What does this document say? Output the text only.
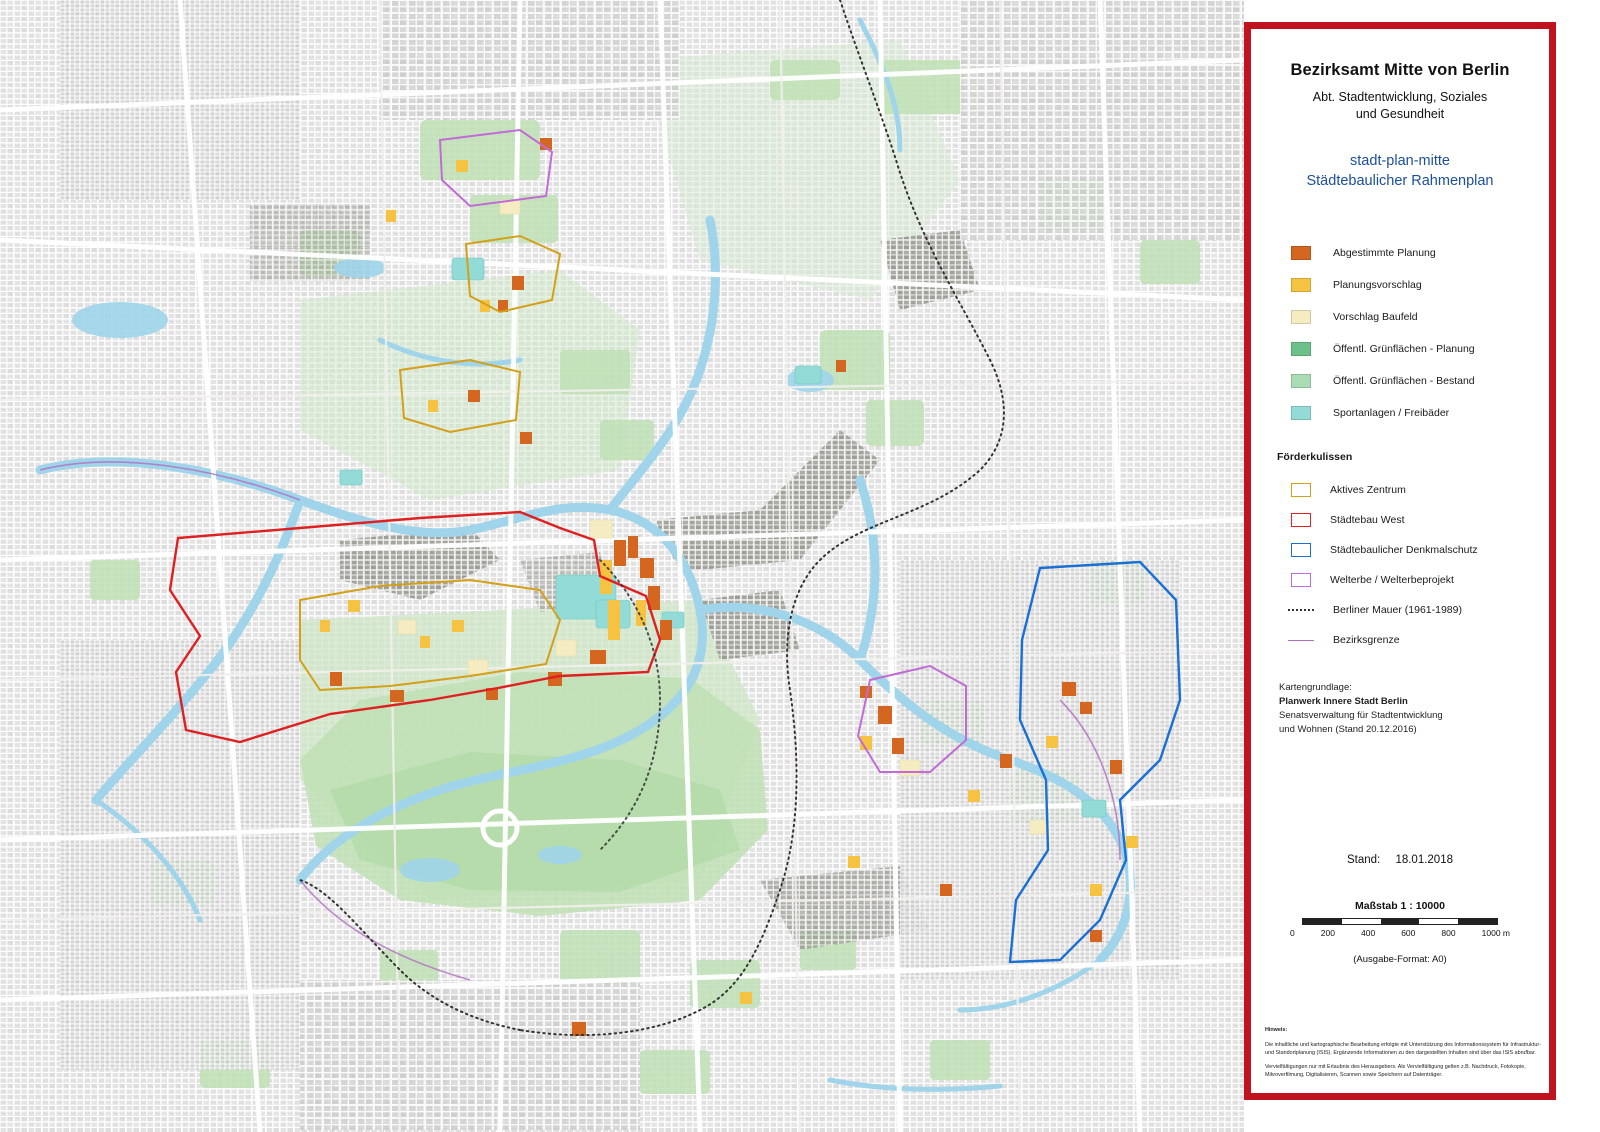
Bezirksamt Mitte von Berlin
Abt. Stadtentwicklung, Soziales
und Gesundheit
stadt-plan-mitte
Städtebaulicher Rahmenplan
Abgestimmte Planung
Planungsvorschlag
Vorschlag Baufeld
Öffentl. Grünflächen - Planung
Öffentl. Grünflächen - Bestand
Sportanlagen / Freibäder
Förderkulissen
Aktives Zentrum
Städtebau West
Städtebaulicher Denkmalschutz
Welterbe / Welterbeprojekt
Berliner Mauer (1961-1989)
Bezirksgrenze
Kartengrundlage:
Planwerk Innere Stadt Berlin
Senatsverwaltung für Stadtentwicklung
und Wohnen (Stand 20.12.2016)
Stand: 18.01.2018
Maßstab 1 : 10000
0	200	400	600	800	1000 m
(Ausgabe-Format: A0)

Hinweis:

Die inhaltliche und kartographische Bearbeitung erfolgte mit Unterstützung des Informationssystem für Infrastruktur- und Standortplanung (ISIS). Ergänzende Informationen zu den dargestellten Inhalten sind über das ISIS abrufbar.

Vervielfältigungen nur mit Erlaubnis des Herausgebers. Als Vervielfältigung gelten z.B. Nachdruck, Fotokopie, Mikroverfilmung, Digitalisieren, Scannen sowie Speichern auf Datenträger.
